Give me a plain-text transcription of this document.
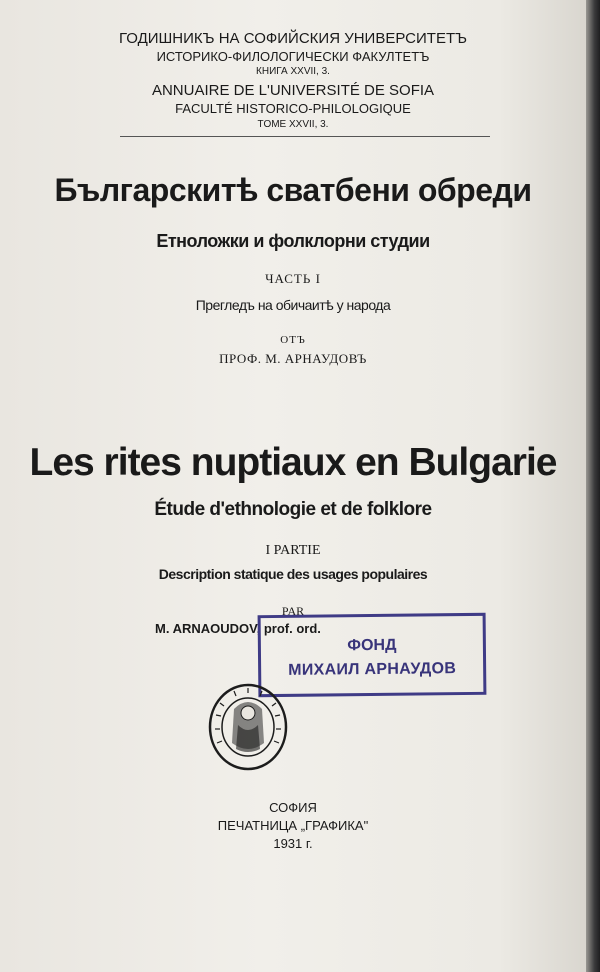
ГОДИШНИКЪ НА СОФИЙСКИЯ УНИВЕРСИТЕТЪ
ИСТОРИКО-ФИЛОЛОГИЧЕСКИ ФАКУЛТЕТЪ
КНИГА XXVII, 3.
ANNUAIRE DE L'UNIVERSITÉ DE SOFIA
FACULTÉ HISTORICO-PHILOLOGIQUE
TOME XXVII, 3.
Българскитѣ сватбени обреди
Етноложки и фолклорни студии
ЧАСТЬ I
Прегледъ на обичаитѣ у народа
ОТЪ
ПРОФ. М. АРНАУДОВЪ
Les rites nuptiaux en Bulgarie
Étude d'ethnologie et de folklore
I PARTIE
Description statique des usages populaires
PAR
M. ARNAOUDOV, prof. ord.
ФОНД
МИХАИЛ АРНАУДОВ
СОФИЯ
ПЕЧАТНИЦА „ГРАФИКА"
1931 г.
